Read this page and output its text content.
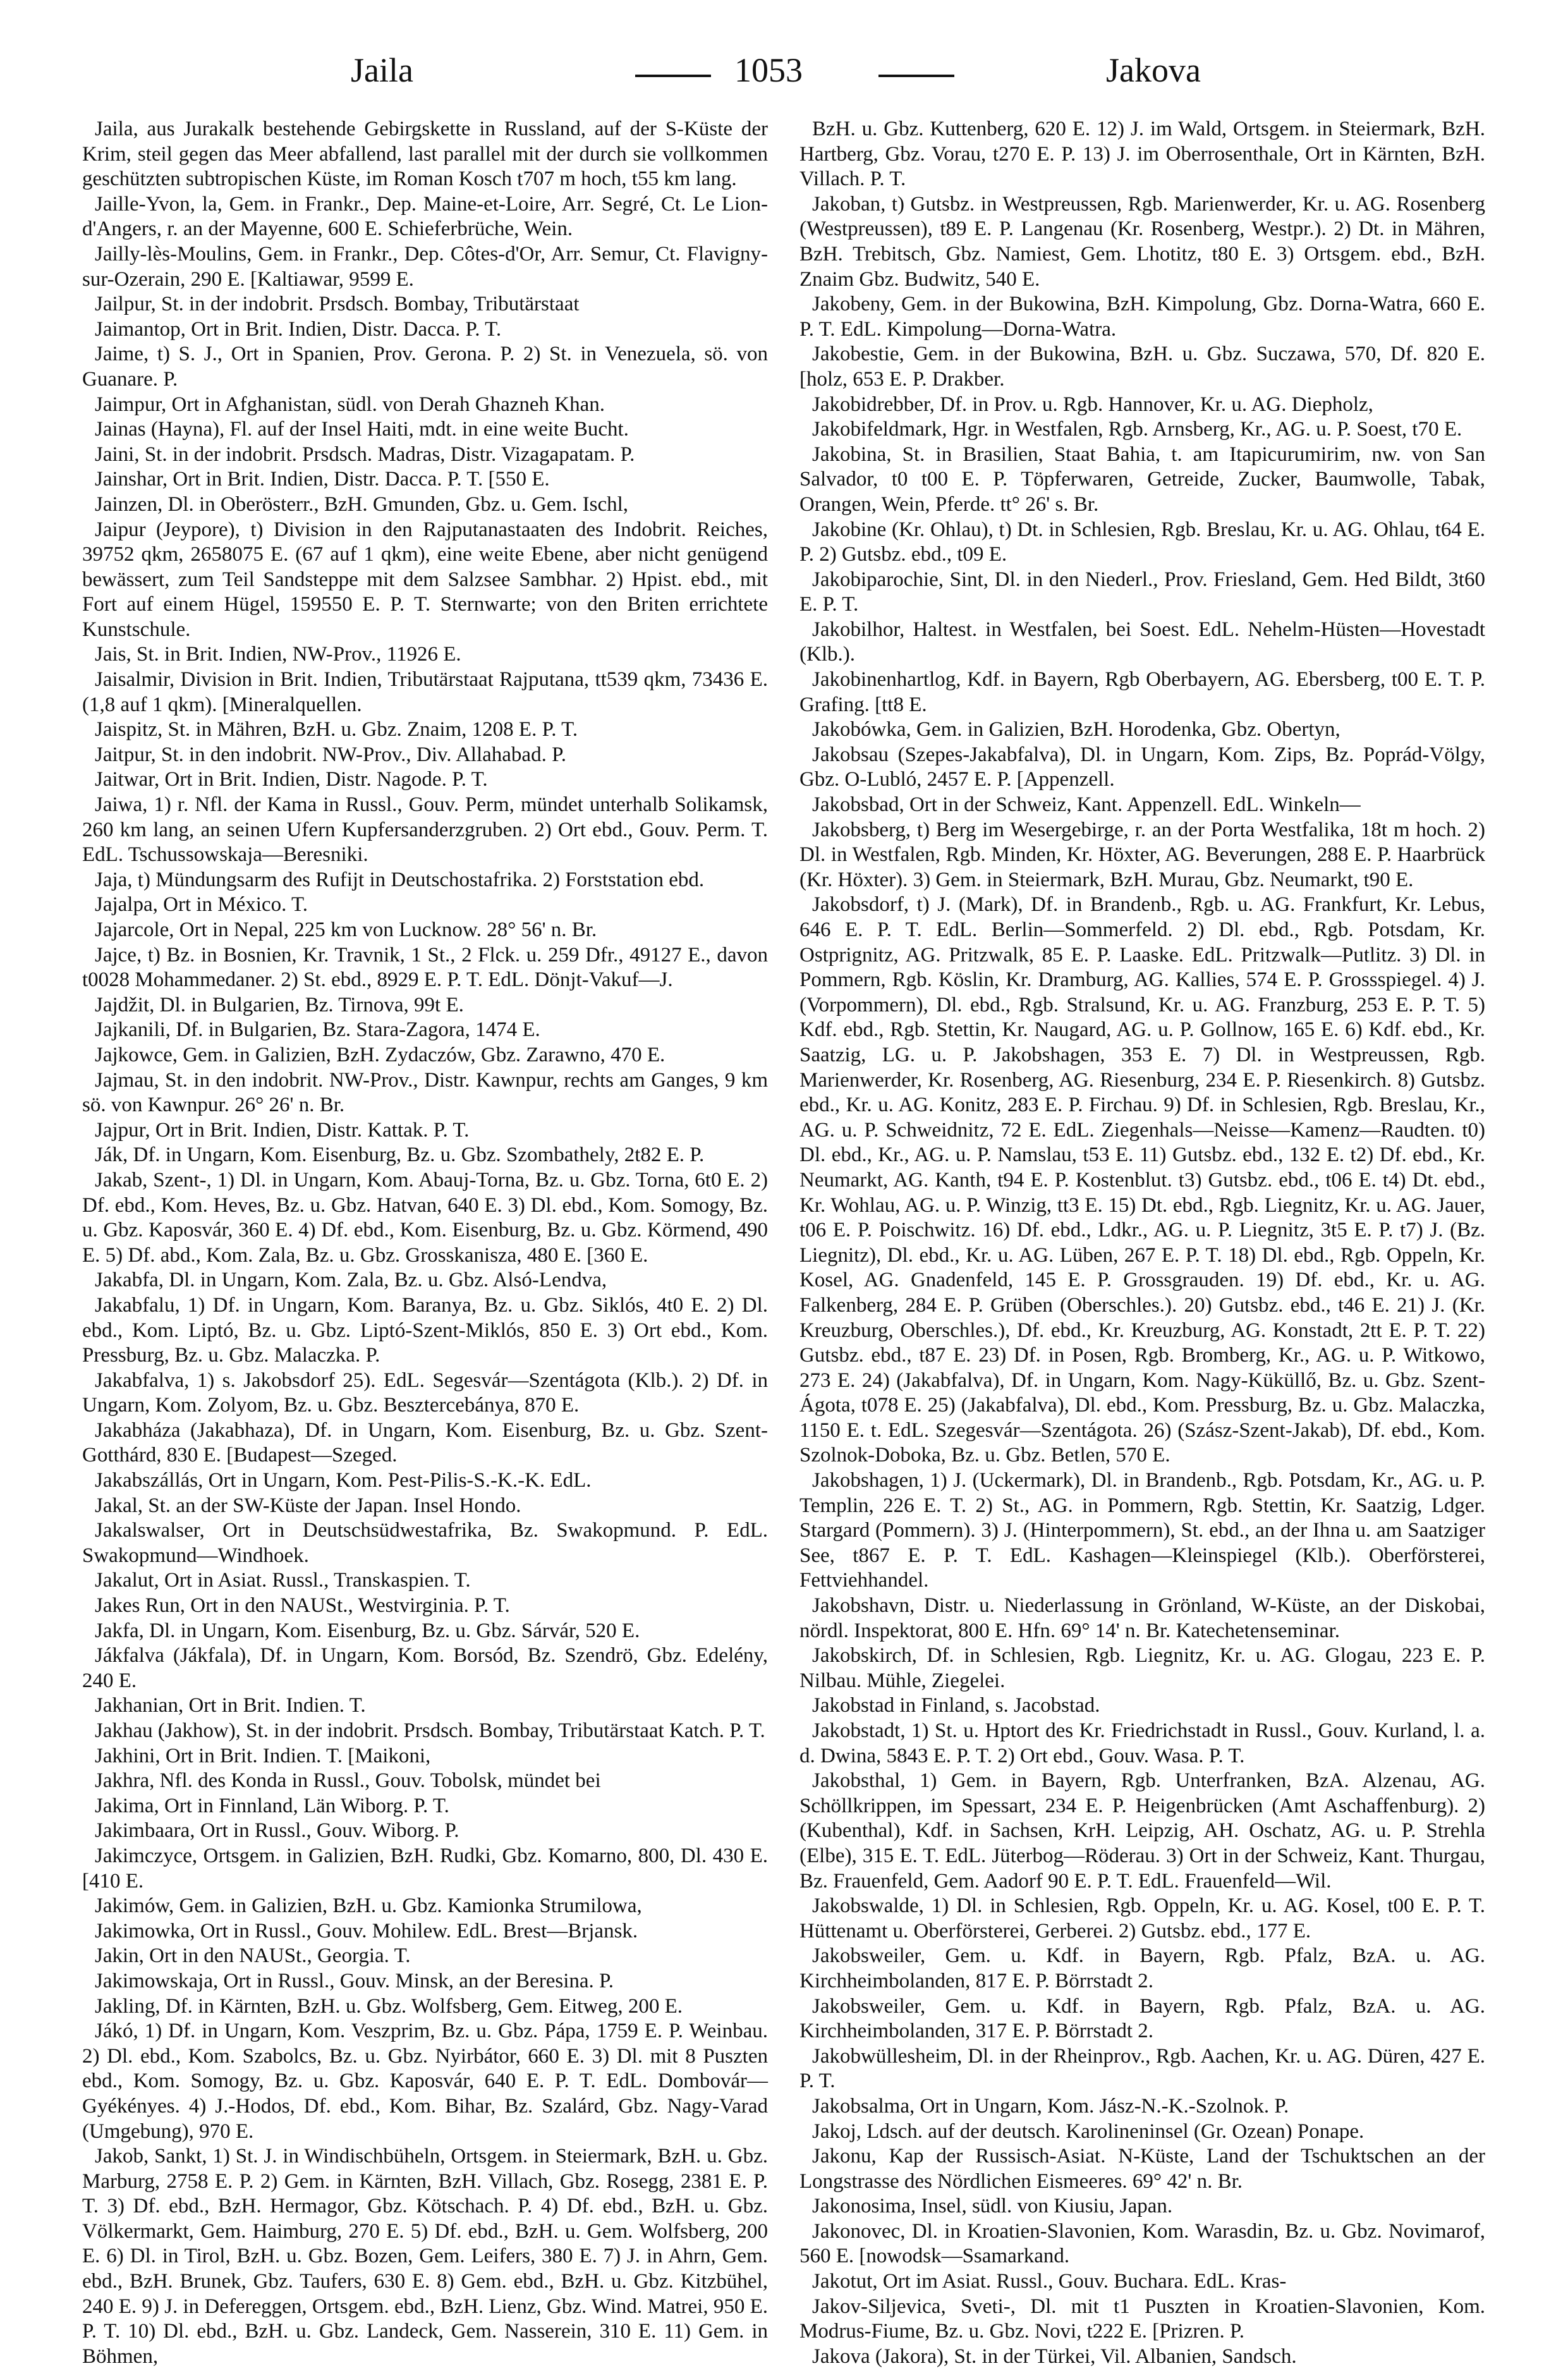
Jaila	1053	Jakova

Jaila, aus Jurakalk bestehende Gebirgskette in Russland, auf der S-Küste der Krim, steil gegen das Meer abfallend, last parallel mit der durch sie vollkommen geschützten subtropischen Küste, im Roman Kosch t707 m hoch, t55 km lang.

Jaille-Yvon, la, Gem. in Frankr., Dep. Maine-et-Loire, Arr. Segré, Ct. Le Lion-d'Angers, r. an der Mayenne, 600 E. Schieferbrüche, Wein.

Jailly-lès-Moulins, Gem. in Frankr., Dep. Côtes-d'Or, Arr. Semur, Ct. Flavigny-sur-Ozerain, 290 E. [Kaltiawar, 9599 E.

Jailpur, St. in der indobrit. Prsdsch. Bombay, Tributärstaat

Jaimantop, Ort in Brit. Indien, Distr. Dacca. P. T.

Jaime, t) S. J., Ort in Spanien, Prov. Gerona. P. 2) St. in Venezuela, sö. von Guanare. P.

Jaimpur, Ort in Afghanistan, südl. von Derah Ghazneh Khan.

Jainas (Hayna), Fl. auf der Insel Haiti, mdt. in eine weite Bucht.

Jaini, St. in der indobrit. Prsdsch. Madras, Distr. Vizagapatam. P.

Jainshar, Ort in Brit. Indien, Distr. Dacca. P. T. [550 E.

Jainzen, Dl. in Oberösterr., BzH. Gmunden, Gbz. u. Gem. Ischl,

Jaipur (Jeypore), t) Division in den Rajputanastaaten des Indobrit. Reiches, 39752 qkm, 2658075 E. (67 auf 1 qkm), eine weite Ebene, aber nicht genügend bewässert, zum Teil Sandsteppe mit dem Salzsee Sambhar. 2) Hpist. ebd., mit Fort auf einem Hügel, 159550 E. P. T. Sternwarte; von den Briten errichtete Kunstschule.

Jais, St. in Brit. Indien, NW-Prov., 11926 E.

Jaisalmir, Division in Brit. Indien, Tributärstaat Rajputana, tt539 qkm, 73436 E. (1,8 auf 1 qkm). [Mineralquellen.

Jaispitz, St. in Mähren, BzH. u. Gbz. Znaim, 1208 E. P. T.

Jaitpur, St. in den indobrit. NW-Prov., Div. Allahabad. P.

Jaitwar, Ort in Brit. Indien, Distr. Nagode. P. T.

Jaiwa, 1) r. Nfl. der Kama in Russl., Gouv. Perm, mündet unterhalb Solikamsk, 260 km lang, an seinen Ufern Kupfersanderzgruben. 2) Ort ebd., Gouv. Perm. T. EdL. Tschussowskaja—Beresniki.

Jaja, t) Mündungsarm des Rufijt in Deutschostafrika. 2) Forststation ebd.

Jajalpa, Ort in México. T.

Jajarcole, Ort in Nepal, 225 km von Lucknow. 28° 56' n. Br.

Jajce, t) Bz. in Bosnien, Kr. Travnik, 1 St., 2 Flck. u. 259 Dfr., 49127 E., davon t0028 Mohammedaner. 2) St. ebd., 8929 E. P. T. EdL. Dönjt-Vakuf—J.

Jajdžit, Dl. in Bulgarien, Bz. Tirnova, 99t E.

Jajkanili, Df. in Bulgarien, Bz. Stara-Zagora, 1474 E.

Jajkowce, Gem. in Galizien, BzH. Zydaczów, Gbz. Zarawno, 470 E.

Jajmau, St. in den indobrit. NW-Prov., Distr. Kawnpur, rechts am Ganges, 9 km sö. von Kawnpur. 26° 26' n. Br.

Jajpur, Ort in Brit. Indien, Distr. Kattak. P. T.

Ják, Df. in Ungarn, Kom. Eisenburg, Bz. u. Gbz. Szombathely, 2t82 E. P.

Jakab, Szent-, 1) Dl. in Ungarn, Kom. Abauj-Torna, Bz. u. Gbz. Torna, 6t0 E. 2) Df. ebd., Kom. Heves, Bz. u. Gbz. Hatvan, 640 E. 3) Dl. ebd., Kom. Somogy, Bz. u. Gbz. Kaposvár, 360 E. 4) Df. ebd., Kom. Eisenburg, Bz. u. Gbz. Körmend, 490 E. 5) Df. abd., Kom. Zala, Bz. u. Gbz. Grosskanisza, 480 E. [360 E.

Jakabfa, Dl. in Ungarn, Kom. Zala, Bz. u. Gbz. Alsó-Lendva,

Jakabfalu, 1) Df. in Ungarn, Kom. Baranya, Bz. u. Gbz. Siklós, 4t0 E. 2) Dl. ebd., Kom. Liptó, Bz. u. Gbz. Liptó-Szent-Miklós, 850 E. 3) Ort ebd., Kom. Pressburg, Bz. u. Gbz. Malaczka. P.

Jakabfalva, 1) s. Jakobsdorf 25). EdL. Segesvár—Szentágota (Klb.). 2) Df. in Ungarn, Kom. Zolyom, Bz. u. Gbz. Besztercebánya, 870 E.

Jakabháza (Jakabhaza), Df. in Ungarn, Kom. Eisenburg, Bz. u. Gbz. Szent-Gotthárd, 830 E. [Budapest—Szeged.

Jakabszállás, Ort in Ungarn, Kom. Pest-Pilis-S.-K.-K. EdL.

Jakal, St. an der SW-Küste der Japan. Insel Hondo.

Jakalswalser, Ort in Deutschsüdwestafrika, Bz. Swakopmund. P. EdL. Swakopmund—Windhoek.

Jakalut, Ort in Asiat. Russl., Transkaspien. T.

Jakes Run, Ort in den NAUSt., Westvirginia. P. T.

Jakfa, Dl. in Ungarn, Kom. Eisenburg, Bz. u. Gbz. Sárvár, 520 E.

Jákfalva (Jákfala), Df. in Ungarn, Kom. Borsód, Bz. Szendrö, Gbz. Edelény, 240 E.

Jakhanian, Ort in Brit. Indien. T.

Jakhau (Jakhow), St. in der indobrit. Prsdsch. Bombay, Tributärstaat Katch. P. T.

Jakhini, Ort in Brit. Indien. T. [Maikoni,

Jakhra, Nfl. des Konda in Russl., Gouv. Tobolsk, mündet bei

Jakima, Ort in Finnland, Län Wiborg. P. T.

Jakimbaara, Ort in Russl., Gouv. Wiborg. P.

Jakimczyce, Ortsgem. in Galizien, BzH. Rudki, Gbz. Komarno, 800, Dl. 430 E. [410 E.

Jakimów, Gem. in Galizien, BzH. u. Gbz. Kamionka Strumilowa,

Jakimowka, Ort in Russl., Gouv. Mohilew. EdL. Brest—Brjansk.

Jakin, Ort in den NAUSt., Georgia. T.

Jakimowskaja, Ort in Russl., Gouv. Minsk, an der Beresina. P.

Jakling, Df. in Kärnten, BzH. u. Gbz. Wolfsberg, Gem. Eitweg, 200 E.

Jákó, 1) Df. in Ungarn, Kom. Veszprim, Bz. u. Gbz. Pápa, 1759 E. P. Weinbau. 2) Dl. ebd., Kom. Szabolcs, Bz. u. Gbz. Nyirbátor, 660 E. 3) Dl. mit 8 Puszten ebd., Kom. Somogy, Bz. u. Gbz. Kaposvár, 640 E. P. T. EdL. Dombovár—Gyékényes. 4) J.-Hodos, Df. ebd., Kom. Bihar, Bz. Szalárd, Gbz. Nagy-Varad (Umgebung), 970 E.

Jakob, Sankt, 1) St. J. in Windischbüheln, Ortsgem. in Steiermark, BzH. u. Gbz. Marburg, 2758 E. P. 2) Gem. in Kärnten, BzH. Villach, Gbz. Rosegg, 2381 E. P. T. 3) Df. ebd., BzH. Hermagor, Gbz. Kötschach. P. 4) Df. ebd., BzH. u. Gbz. Völkermarkt, Gem. Haimburg, 270 E. 5) Df. ebd., BzH. u. Gem. Wolfsberg, 200 E. 6) Dl. in Tirol, BzH. u. Gbz. Bozen, Gem. Leifers, 380 E. 7) J. in Ahrn, Gem. ebd., BzH. Brunek, Gbz. Taufers, 630 E. 8) Gem. ebd., BzH. u. Gbz. Kitzbühel, 240 E. 9) J. in Defereggen, Ortsgem. ebd., BzH. Lienz, Gbz. Wind. Matrei, 950 E. P. T. 10) Dl. ebd., BzH. u. Gbz. Landeck, Gem. Nasserein, 310 E. 11) Gem. in Böhmen,

BzH. u. Gbz. Kuttenberg, 620 E. 12) J. im Wald, Ortsgem. in Steiermark, BzH. Hartberg, Gbz. Vorau, t270 E. P. 13) J. im Oberrosenthale, Ort in Kärnten, BzH. Villach. P. T.

Jakoban, t) Gutsbz. in Westpreussen, Rgb. Marienwerder, Kr. u. AG. Rosenberg (Westpreussen), t89 E. P. Langenau (Kr. Rosenberg, Westpr.). 2) Dt. in Mähren, BzH. Trebitsch, Gbz. Namiest, Gem. Lhotitz, t80 E. 3) Ortsgem. ebd., BzH. Znaim Gbz. Budwitz, 540 E.

Jakobeny, Gem. in der Bukowina, BzH. Kimpolung, Gbz. Dorna-Watra, 660 E. P. T. EdL. Kimpolung—Dorna-Watra.

Jakobestie, Gem. in der Bukowina, BzH. u. Gbz. Suczawa, 570, Df. 820 E. [holz, 653 E. P. Drakber.

Jakobidrebber, Df. in Prov. u. Rgb. Hannover, Kr. u. AG. Diepholz,

Jakobifeldmark, Hgr. in Westfalen, Rgb. Arnsberg, Kr., AG. u. P. Soest, t70 E.

Jakobina, St. in Brasilien, Staat Bahia, t. am Itapicurumirim, nw. von San Salvador, t0 t00 E. P. Töpferwaren, Getreide, Zucker, Baumwolle, Tabak, Orangen, Wein, Pferde. tt° 26' s. Br.

Jakobine (Kr. Ohlau), t) Dt. in Schlesien, Rgb. Breslau, Kr. u. AG. Ohlau, t64 E. P. 2) Gutsbz. ebd., t09 E.

Jakobiparochie, Sint, Dl. in den Niederl., Prov. Friesland, Gem. Hed Bildt, 3t60 E. P. T.

Jakobilhor, Haltest. in Westfalen, bei Soest. EdL. Nehelm-Hüsten—Hovestadt (Klb.).

Jakobinenhartlog, Kdf. in Bayern, Rgb Oberbayern, AG. Ebersberg, t00 E. T. P. Grafing. [tt8 E.

Jakobówka, Gem. in Galizien, BzH. Horodenka, Gbz. Obertyn,

Jakobsau (Szepes-Jakabfalva), Dl. in Ungarn, Kom. Zips, Bz. Poprád-Völgy, Gbz. O-Lubló, 2457 E. P. [Appenzell.

Jakobsbad, Ort in der Schweiz, Kant. Appenzell. EdL. Winkeln—

Jakobsberg, t) Berg im Wesergebirge, r. an der Porta Westfalika, 18t m hoch. 2) Dl. in Westfalen, Rgb. Minden, Kr. Höxter, AG. Beverungen, 288 E. P. Haarbrück (Kr. Höxter). 3) Gem. in Steiermark, BzH. Murau, Gbz. Neumarkt, t90 E.

Jakobsdorf, t) J. (Mark), Df. in Brandenb., Rgb. u. AG. Frankfurt, Kr. Lebus, 646 E. P. T. EdL. Berlin—Sommerfeld. 2) Dl. ebd., Rgb. Potsdam, Kr. Ostprignitz, AG. Pritzwalk, 85 E. P. Laaske. EdL. Pritzwalk—Putlitz. 3) Dl. in Pommern, Rgb. Köslin, Kr. Dramburg, AG. Kallies, 574 E. P. Grossspiegel. 4) J. (Vorpommern), Dl. ebd., Rgb. Stralsund, Kr. u. AG. Franzburg, 253 E. P. T. 5) Kdf. ebd., Rgb. Stettin, Kr. Naugard, AG. u. P. Gollnow, 165 E. 6) Kdf. ebd., Kr. Saatzig, LG. u. P. Jakobshagen, 353 E. 7) Dl. in Westpreussen, Rgb. Marienwerder, Kr. Rosenberg, AG. Riesenburg, 234 E. P. Riesenkirch. 8) Gutsbz. ebd., Kr. u. AG. Konitz, 283 E. P. Firchau. 9) Df. in Schlesien, Rgb. Breslau, Kr., AG. u. P. Schweidnitz, 72 E. EdL. Ziegenhals—Neisse—Kamenz—Raudten. t0) Dl. ebd., Kr., AG. u. P. Namslau, t53 E. 11) Gutsbz. ebd., 132 E. t2) Df. ebd., Kr. Neumarkt, AG. Kanth, t94 E. P. Kostenblut. t3) Gutsbz. ebd., t06 E. t4) Dt. ebd., Kr. Wohlau, AG. u. P. Winzig, tt3 E. 15) Dt. ebd., Rgb. Liegnitz, Kr. u. AG. Jauer, t06 E. P. Poischwitz. 16) Df. ebd., Ldkr., AG. u. P. Liegnitz, 3t5 E. P. t7) J. (Bz. Liegnitz), Dl. ebd., Kr. u. AG. Lüben, 267 E. P. T. 18) Dl. ebd., Rgb. Oppeln, Kr. Kosel, AG. Gnadenfeld, 145 E. P. Grossgrauden. 19) Df. ebd., Kr. u. AG. Falkenberg, 284 E. P. Grüben (Oberschles.). 20) Gutsbz. ebd., t46 E. 21) J. (Kr. Kreuzburg, Oberschles.), Df. ebd., Kr. Kreuzburg, AG. Konstadt, 2tt E. P. T. 22) Gutsbz. ebd., t87 E. 23) Df. in Posen, Rgb. Bromberg, Kr., AG. u. P. Witkowo, 273 E. 24) (Jakabfalva), Df. in Ungarn, Kom. Nagy-Küküllő, Bz. u. Gbz. Szent-Ágota, t078 E. 25) (Jakabfalva), Dl. ebd., Kom. Pressburg, Bz. u. Gbz. Malaczka, 1150 E. t. EdL. Szegesvár—Szentágota. 26) (Szász-Szent-Jakab), Df. ebd., Kom. Szolnok-Doboka, Bz. u. Gbz. Betlen, 570 E.

Jakobshagen, 1) J. (Uckermark), Dl. in Brandenb., Rgb. Potsdam, Kr., AG. u. P. Templin, 226 E. T. 2) St., AG. in Pommern, Rgb. Stettin, Kr. Saatzig, Ldger. Stargard (Pommern). 3) J. (Hinterpommern), St. ebd., an der Ihna u. am Saatziger See, t867 E. P. T. EdL. Kashagen—Kleinspiegel (Klb.). Oberförsterei, Fettviehhandel.

Jakobshavn, Distr. u. Niederlassung in Grönland, W-Küste, an der Diskobai, nördl. Inspektorat, 800 E. Hfn. 69° 14' n. Br. Katechetenseminar.

Jakobskirch, Df. in Schlesien, Rgb. Liegnitz, Kr. u. AG. Glogau, 223 E. P. Nilbau. Mühle, Ziegelei.

Jakobstad in Finland, s. Jacobstad.

Jakobstadt, 1) St. u. Hptort des Kr. Friedrichstadt in Russl., Gouv. Kurland, l. a. d. Dwina, 5843 E. P. T. 2) Ort ebd., Gouv. Wasa. P. T.

Jakobsthal, 1) Gem. in Bayern, Rgb. Unterfranken, BzA. Alzenau, AG. Schöllkrippen, im Spessart, 234 E. P. Heigenbrücken (Amt Aschaffenburg). 2) (Kubenthal), Kdf. in Sachsen, KrH. Leipzig, AH. Oschatz, AG. u. P. Strehla (Elbe), 315 E. T. EdL. Jüterbog—Röderau. 3) Ort in der Schweiz, Kant. Thurgau, Bz. Frauenfeld, Gem. Aadorf 90 E. P. T. EdL. Frauenfeld—Wil.

Jakobswalde, 1) Dl. in Schlesien, Rgb. Oppeln, Kr. u. AG. Kosel, t00 E. P. T. Hüttenamt u. Oberförsterei, Gerberei. 2) Gutsbz. ebd., 177 E.

Jakobsweiler, Gem. u. Kdf. in Bayern, Rgb. Pfalz, BzA. u. AG. Kirchheimbolanden, 817 E. P. Börrstadt 2.

Jakobsweiler, Gem. u. Kdf. in Bayern, Rgb. Pfalz, BzA. u. AG. Kirchheimbolanden, 317 E. P. Börrstadt 2.

Jakobwüllesheim, Dl. in der Rheinprov., Rgb. Aachen, Kr. u. AG. Düren, 427 E. P. T.

Jakobsalma, Ort in Ungarn, Kom. Jász-N.-K.-Szolnok. P.

Jakoj, Ldsch. auf der deutsch. Karolineninsel (Gr. Ozean) Ponape.

Jakonu, Kap der Russisch-Asiat. N-Küste, Land der Tschuktschen an der Longstrasse des Nördlichen Eismeeres. 69° 42' n. Br.

Jakonosima, Insel, südl. von Kiusiu, Japan.

Jakonovec, Dl. in Kroatien-Slavonien, Kom. Warasdin, Bz. u. Gbz. Novimarof, 560 E. [nowodsk—Ssamarkand.

Jakotut, Ort im Asiat. Russl., Gouv. Buchara. EdL. Kras-

Jakov-Siljevica, Sveti-, Dl. mit t1 Puszten in Kroatien-Slavonien, Kom. Modrus-Fiume, Bz. u. Gbz. Novi, t222 E. [Prizren. P.

Jakova (Jakora), St. in der Türkei, Vil. Albanien, Sandsch.
